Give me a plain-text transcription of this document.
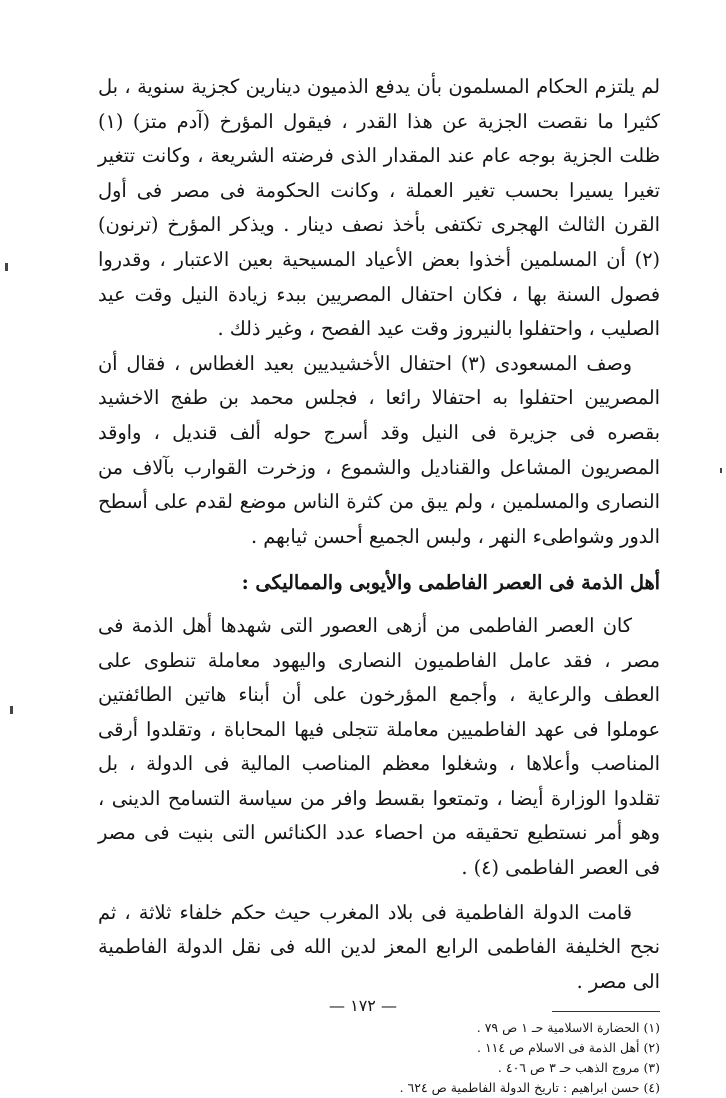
لم يلتزم الحكام المسلمون بأن يدفع الذميون دينارين كجزية سنوية ، بل كثيرا ما نقصت الجزية عن هذا القدر ، فيقول المؤرخ (آدم متز) (١) ظلت الجزية بوجه عام عند المقدار الذى فرضته الشريعة ، وكانت تتغير تغيرا يسيرا بحسب تغير العملة ، وكانت الحكومة فى مصر فى أول القرن الثالث الهجرى تكتفى بأخذ نصف دينار . ويذكر المؤرخ (ترنون) (٢) أن المسلمين أخذوا بعض الأعياد المسيحية بعين الاعتبار ، وقدروا فصول السنة بها ، فكان احتفال المصريين ببدء زيادة النيل وقت عيد الصليب ، واحتفلوا بالنيروز وقت عيد الفصح ، وغير ذلك .

وصف المسعودى (٣) احتفال الأخشيديين بعيد الغطاس ، فقال أن المصريين احتفلوا به احتفالا رائعا ، فجلس محمد بن طفج الاخشيد بقصره فى جزيرة فى النيل وقد أسرج حوله ألف قنديل ، واوقد المصريون المشاعل والقناديل والشموع ، وزخرت القوارب بآلاف من النصارى والمسلمين ، ولم يبق من كثرة الناس موضع لقدم على أسطح الدور وشواطىء النهر ، ولبس الجميع أحسن ثيابهم .

أهل الذمة فى العصر الفاطمى والأيوبى والمماليكى :

كان العصر الفاطمى من أزهى العصور التى شهدها أهل الذمة فى مصر ، فقد عامل الفاطميون النصارى واليهود معاملة تنطوى على العطف والرعاية ، وأجمع المؤرخون على أن أبناء هاتين الطائفتين عوملوا فى عهد الفاطميين معاملة تتجلى فيها المحاباة ، وتقلدوا أرقى المناصب وأعلاها ، وشغلوا معظم المناصب المالية فى الدولة ، بل تقلدوا الوزارة أيضا ، وتمتعوا بقسط وافر من سياسة التسامح الدينى ، وهو أمر نستطيع تحقيقه من احصاء عدد الكنائس التى بنيت فى مصر فى العصر الفاطمى (٤) .

قامت الدولة الفاطمية فى بلاد المغرب حيث حكم خلفاء ثلاثة ، ثم نجح الخليفة الفاطمى الرابع المعز لدين الله فى نقل الدولة الفاطمية الى مصر .

(١) الحضارة الاسلامية حـ ١ ص ٧٩ .
(٢) أهل الذمة فى الاسلام ص ١١٤ .
(٣) مروج الذهب حـ ٣ ص ٤٠٦ .
(٤) حسن ابراهيم : تاريخ الدولة الفاطمية ص ٦٢٤ .
— ١٧٢ —
